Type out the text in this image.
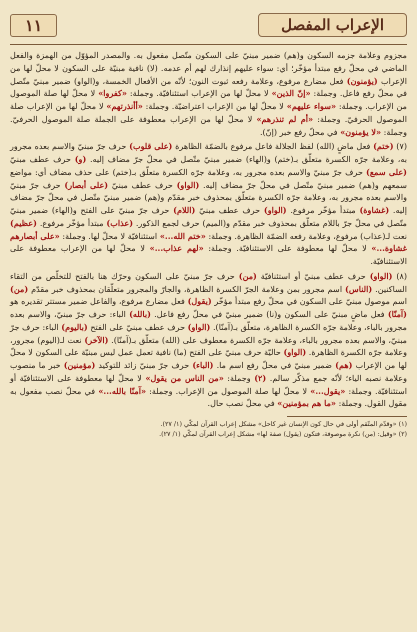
الإعراب المفصل
١١

مجزوم وعلامة جزمه السكون و(هم) ضمير مبنيّ على السكون متّصل مفعول به. والمصدر المؤوّل من الهمزة والفعل الماضي في محلّ رفع مبتدأ مؤخّر؛ أي: سواء عليهم إنذارك لهم أم عدمه. (لا) نافية مبنيّة على السكون لا محلّ لها من الإعراب (يؤمنون) فعل مضارع مرفوع، وعلامة رفعه ثبوت النون؛ لأنّه من الأفعال الخمسة، و(الواو) ضمير مبنيّ متّصل في محلّ رفع فاعل. وجملة: «إنّ الذين» لا محلّ لها من الإعراب استئنافيّة. وجملة: «كفروا» لا محلّ لها صلة الموصول من الإعراب. وجملة: «سواء عليهم» لا محلّ لها من الإعراب اعتراضيّة. وجملة: «أأنذرتهم» لا محلّ لها من الإعراب صلة الموصول الحرفيّ. وجملة: «أم لم تنذرهم» لا محلّ لها من الإعراب معطوفة على الجملة صلة الموصول الحرفيّ. وجملة: «لا يؤمنون» في محلّ رفع خبر (إنّ).

(٧) (ختم) فعل ماضٍ (الله) لفظ الجلالة فاعل مرفوع بالضمّة الظاهرة (على قلوب) حرف جرّ مبنيّ والاسم بعده مجرور به، وعلامة جرّه الكسرة متعلّق بـ(ختم) و(الهاء) ضمير مبنيّ متّصل في محلّ جرّ مضاف إليه. (و) حرف عطف مبنيّ (على سمع) حرف جرّ مبنيّ والاسم بعده مجرور به، وعلامة جرّه الكسرة متعلّق بـ(ختم) على حذف مضاف أي: مواضع سمعهم و(هم) ضمير مبنيّ متّصل في محلّ جرّ مضاف إليه. (الواو) حرف عطف مبنيّ (على أبصار) حرف جرّ مبنيّ والاسم بعده مجرور به، وعلامة جرّه الكسرة متعلّق بمحذوف خبر مقدّم و(هم) ضمير مبنيّ متّصل في محلّ جرّ مضاف إليه. (غشاوة) مبتدأ مؤخّر مرفوع. (الواو) حرف عطف مبنيّ (اللام) حرف جرّ مبنيّ على الفتح و(الهاء) ضمير مبنيّ متّصل في محلّ جرّ باللام متعلّق بمحذوف خبر مقدّم و(الميم) حرف لجمع الذكور. (عذاب) مبتدأ مؤخّر مرفوع. (عظيم) نعت لـ(عذاب) مرفوع، وعلامة رفعه الضمّة الظاهرة. وجملة: «ختم الله...» استئنافيّة لا محلّ لها. وجملة: «على أبصارهم غشاوة...» لا محلّ لها معطوفة على الاستئنافيّة. وجملة: «لهم عذاب...» لا محلّ لها من الإعراب معطوفة على الاستئنافيّة.

(٨) (الواو) حرف عطف مبنيّ أو استئنافيّة (من) حرف جرّ مبنيّ على السكون وحرّك هنا بالفتح للتخلّص من التقاء الساكنين. (الناس) اسم مجرور بمن وعلامة الجرّ الكسرة الظاهرة، والجارّ والمجرور متعلّقان بمحذوف خبر مقدّم (من) اسم موصول مبنيّ على السكون في محلّ رفع مبتدأ مؤخّر (يقول) فعل مضارع مرفوع، والفاعل ضمير مستتر تقديره هو (آمنّا) فعل ماضٍ مبنيّ على السكون و(نا) ضمير مبنيّ في محلّ رفع فاعل. (بالله) الباء: حرف جرّ مبنيّ، والاسم بعده مجرور بالباء، وعلامة جرّه الكسرة الظاهرة، متعلّق بـ(آمنّا). (الواو) حرف عطف مبنيّ على الفتح (باليوم) الباء: حرف جرّ مبنيّ، والاسم بعده مجرور بالباء، وعلامة جرّه الكسرة معطوف على (الله) متعلّق بـ(آمنّا). (الآخر) نعت لـ(اليوم) مجرور، وعلامة جرّه الكسرة الظاهرة. (الواو) حاليّة حرف مبنيّ على الفتح (ما) نافية تعمل عمل ليس مبنيّة على السكون لا محلّ لها من الإعراب (هم) ضمير مبنيّ في محلّ رفع اسم ما. (الباء) حرف جرّ مبنيّ زائد للتوكيد (مؤمنين) خبر ما منصوب وعلامة نصبه الياء؛ لأنّه جمع مذكّر سالم. (٢) وجملة: «من الناس من يقول» لا محلّ لها معطوفة على الاستئنافيّة أو استئنافيّة. وجملة: «يقول...» لا محلّ لها صلة الموصول من الإعراب. وجملة: «آمنّا بالله...» في محلّ نصب مفعول به مقول القول. وجملة: «ما هم بمؤمنين» في محلّ نصب حال.

(١) «وقدّم المتّقم أولى في حال كون الإنسان غير كاحل» مشكل إعراب القرآن لمكّي (١/ ٢٧).

(٢) «وقيل: (من) نكرة موصوفة، فتكون (يقول) صفة لها» مشكل إعراب القرآن لمكّي (١/ ٢٧).
